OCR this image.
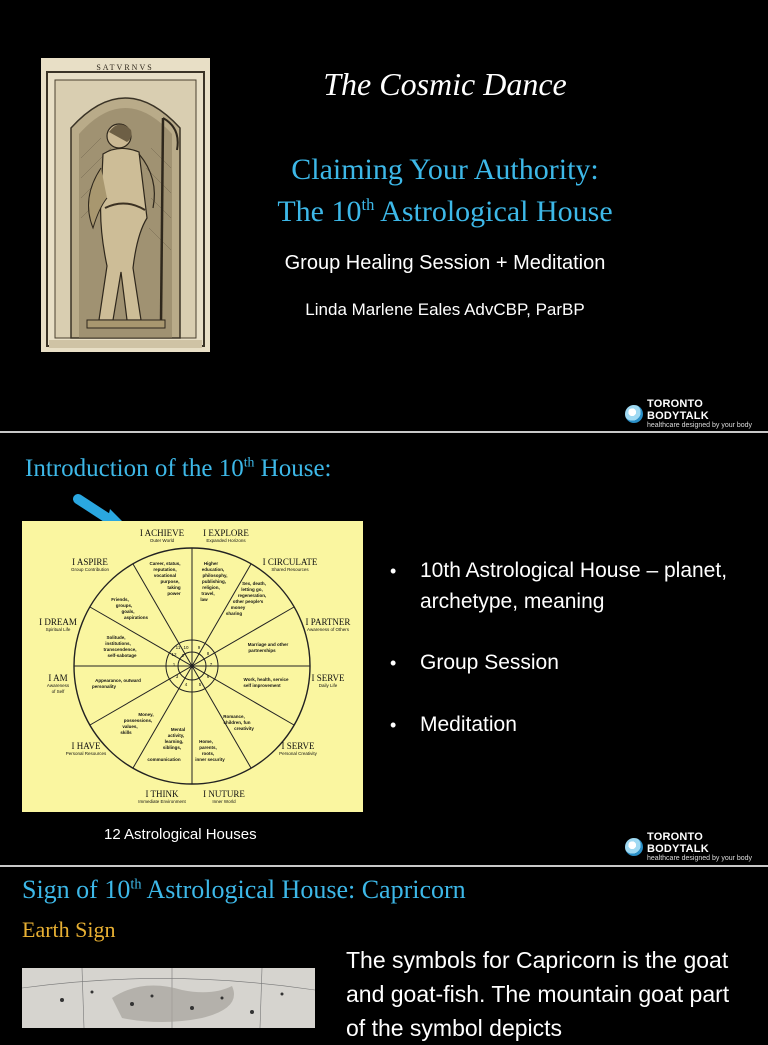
SATVRNVS	The Cosmic Dance
Claiming Your Authority:
The 10th Astrological House
Group Healing Session + Meditation
Linda Marlene Eales AdvCBP, ParBP
TORONTO BODYTALK
healthcare designed by your body
Introduction of the 10th House:
Career, status,
reputation,
vocational
purpose,
taking
power
Higher
education,
philosophy,
publishing,
religion,
travel,
law
Sex, death,
letting go,
regeneration,
other people's
money
sharing
Marriage and other
partnerships
Work, health, service
self improvement
Romance,
children, fun
creativity
Home,
parents,
roots,
inner security
Mental
activity,
learning,
siblings,
communication
Money,
possessions,
values,
skills
Appearance, outward
personality
Solitude,
institutions,
transcendence,
self-sabotage
Friends,
groups,
goals,
aspirations
10 9
8
7
6
5
4
3
1
12
11
2
I ACHIEVE
Outer World
I EXPLORE
Expanded Horizons
I ASPIRE
Group Contribution
I CIRCULATE
Shared Resources
I DREAM
Spiritual Life
I PARTNER
Awareness of Others
I AM
Awareness
of Self
I SERVE
Daily Life
I HAVE
Personal Resources
I SERVE
Personal Creativity
I THINK
Immediate Environment
I NUTURE
Inner World
12 Astrological Houses
•
10th Astrological House – planet, archetype, meaning
•
Group Session
•
Meditation
TORONTO BODYTALK
healthcare designed by your body
Sign of 10th Astrological House: Capricorn
Earth Sign
The symbols for Capricorn is the goat and goat-fish. The mountain goat part of the symbol depicts
